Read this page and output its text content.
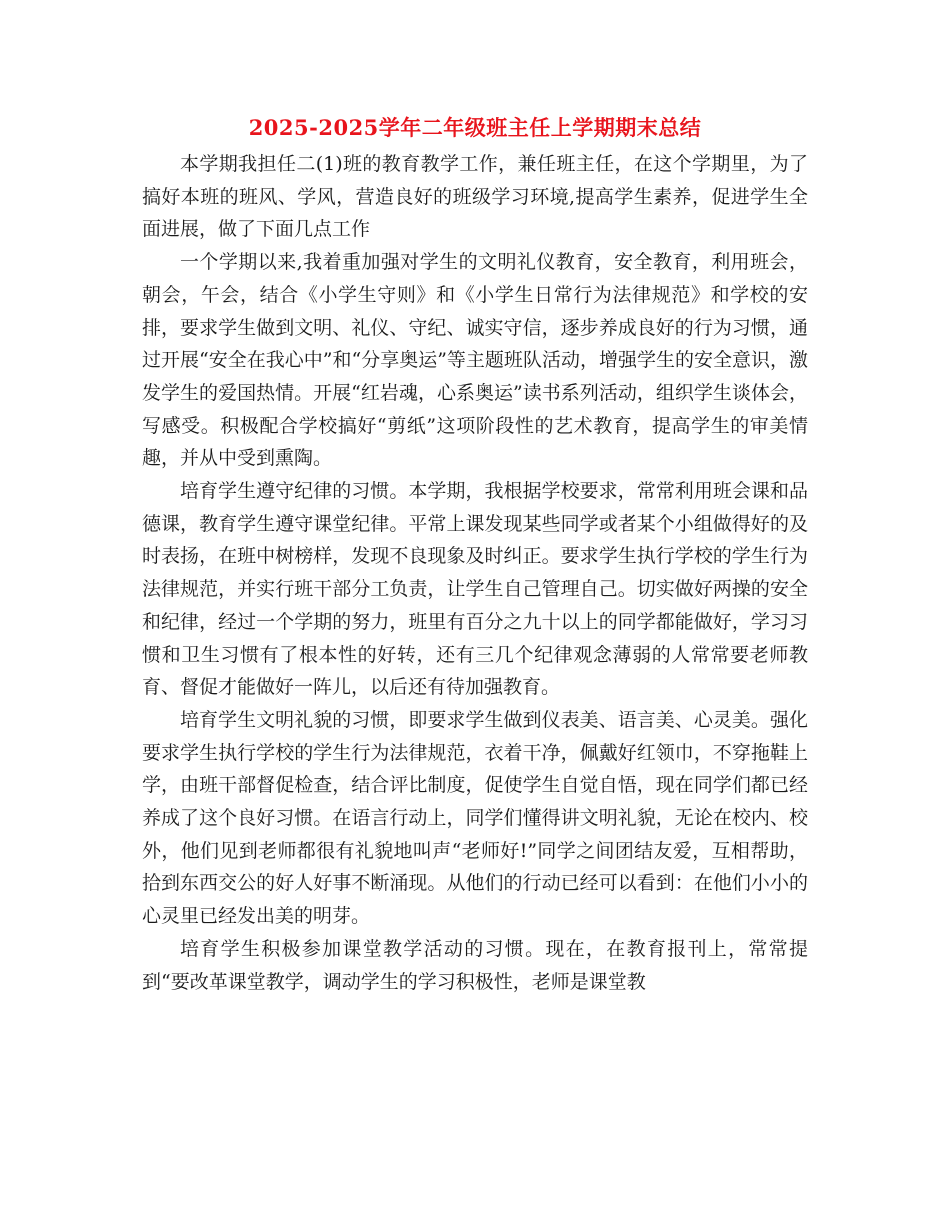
2025-2025学年二年级班主任上学期期末总结

本学期我担任二(1)班的教育教学工作，兼任班主任，在这个学期里，为了搞好本班的班风、学风，营造良好的班级学习环境,提高学生素养，促进学生全面进展，做了下面几点工作

一个学期以来,我着重加强对学生的文明礼仪教育，安全教育，利用班会，朝会，午会，结合《小学生守则》和《小学生日常行为法律规范》和学校的安排，要求学生做到文明、礼仪、守纪、诚实守信，逐步养成良好的行为习惯，通过开展“安全在我心中”和“分享奥运”等主题班队活动，增强学生的安全意识，激发学生的爱国热情。开展“红岩魂，心系奥运”读书系列活动，组织学生谈体会，写感受。积极配合学校搞好“剪纸”这项阶段性的艺术教育，提高学生的审美情趣，并从中受到熏陶。

培育学生遵守纪律的习惯。本学期，我根据学校要求，常常利用班会课和品德课，教育学生遵守课堂纪律。平常上课发现某些同学或者某个小组做得好的及时表扬，在班中树榜样，发现不良现象及时纠正。要求学生执行学校的学生行为法律规范，并实行班干部分工负责，让学生自己管理自己。切实做好两操的安全和纪律，经过一个学期的努力，班里有百分之九十以上的同学都能做好，学习习惯和卫生习惯有了根本性的好转，还有三几个纪律观念薄弱的人常常要老师教育、督促才能做好一阵儿，以后还有待加强教育。

培育学生文明礼貌的习惯，即要求学生做到仪表美、语言美、心灵美。强化要求学生执行学校的学生行为法律规范，衣着干净，佩戴好红领巾，不穿拖鞋上学，由班干部督促检查，结合评比制度，促使学生自觉自悟，现在同学们都已经养成了这个良好习惯。在语言行动上，同学们懂得讲文明礼貌，无论在校内、校外，他们见到老师都很有礼貌地叫声“老师好!”同学之间团结友爱，互相帮助，拾到东西交公的好人好事不断涌现。从他们的行动已经可以看到：在他们小小的心灵里已经发出美的明芽。

培育学生积极参加课堂教学活动的习惯。现在，在教育报刊上，常常提到“要改革课堂教学，调动学生的学习积极性，老师是课堂教
